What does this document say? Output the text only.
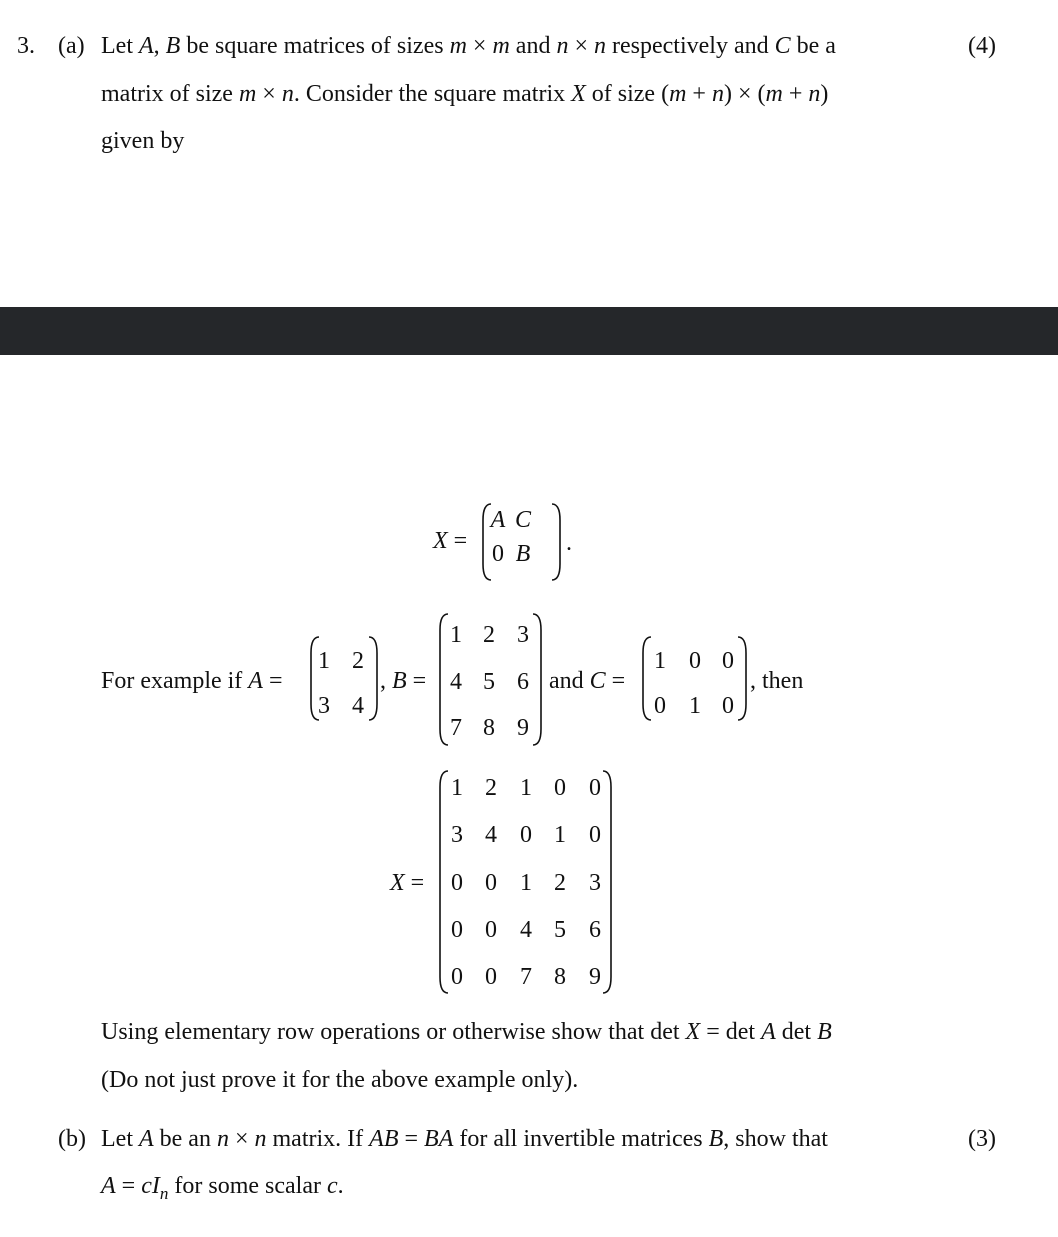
3. (a)	(4)
Let A, B be square matrices of sizes m × m and n × n respectively and C be a
matrix of size m × n. Consider the square matrix X of size (m + n) × (m + n)
given by
X =
A C
0 B	.
For example if A =
1 2
3 4
, B =
1 2 3
4 5 6
7 8 9
and C =
1 0 0
0 1 0
, then
X =
1 2 1 0 0
3 4 0 1 0
0 0 1 2 3
0 0 4 5 6
0 0 7 8 9
Using elementary row operations or otherwise show that det X = det A det B
(Do not just prove it for the above example only).
(b)	(3)
Let A be an n × n matrix. If AB = BA for all invertible matrices B, show that
$A = cI_n$ for some scalar c.
